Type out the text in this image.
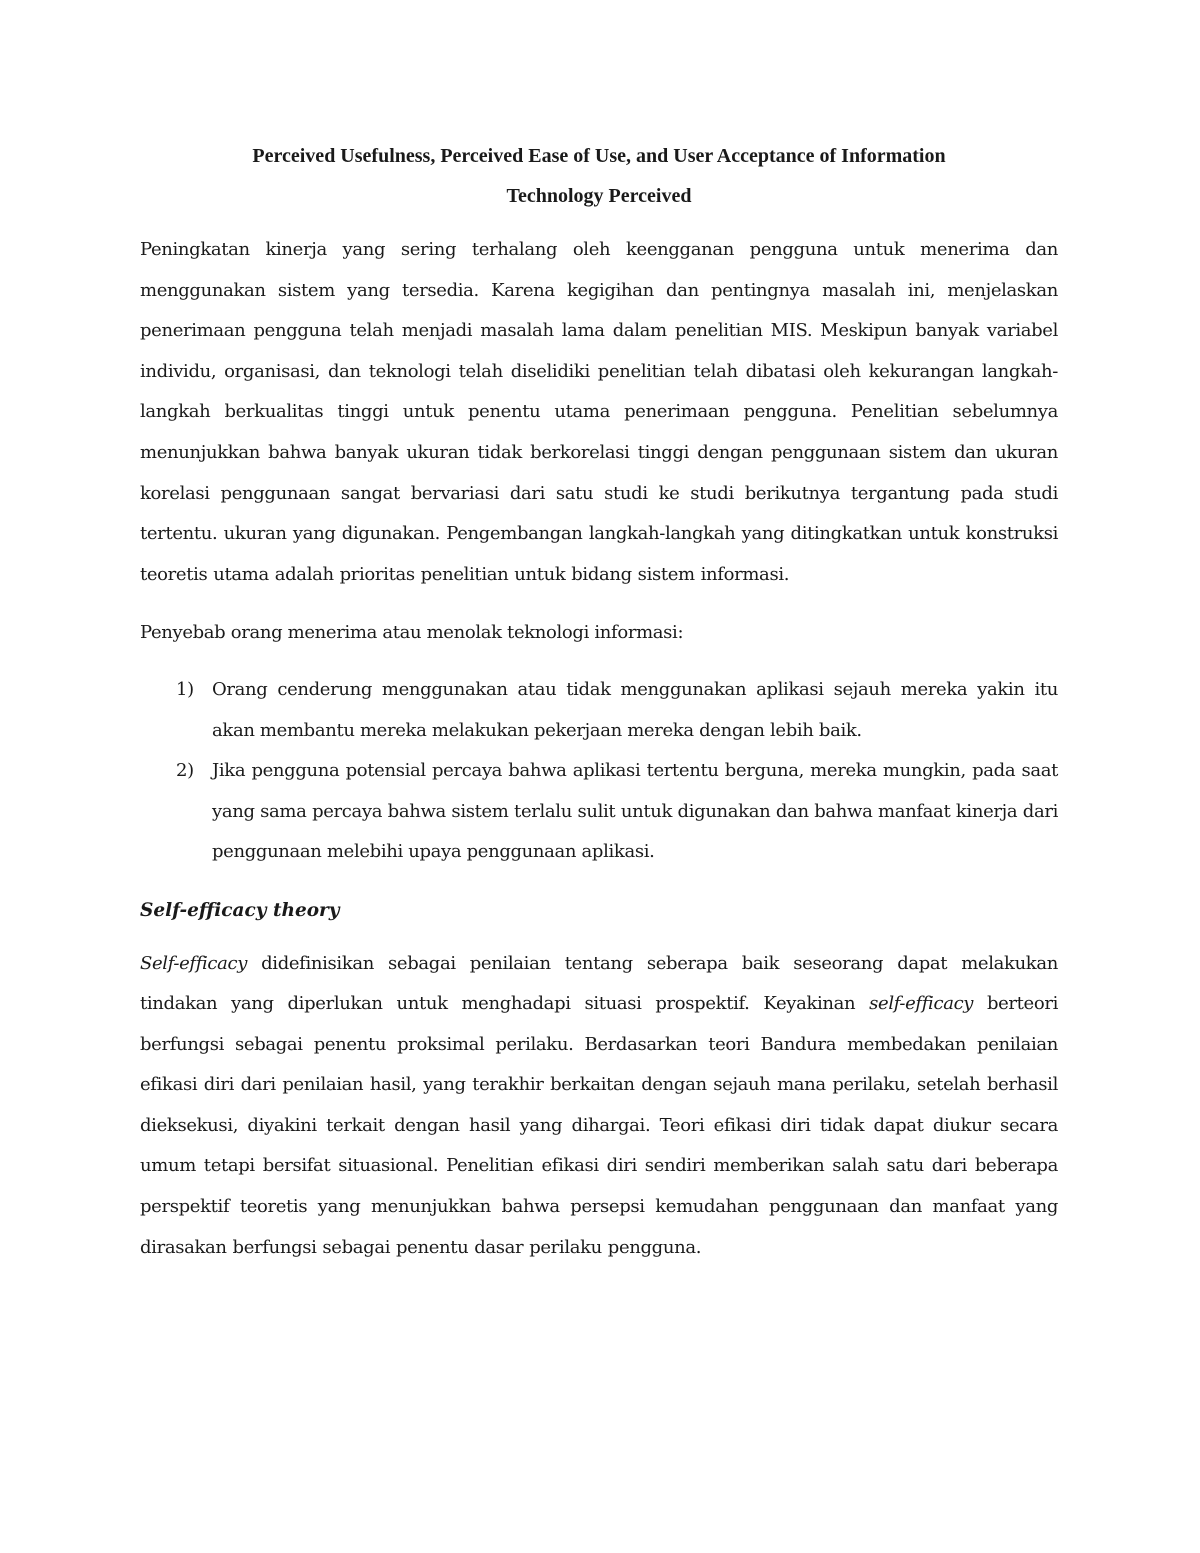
Perceived Usefulness, Perceived Ease of Use, and User Acceptance of Information
Technology Perceived

Peningkatan kinerja yang sering terhalang oleh keengganan pengguna untuk menerima dan menggunakan sistem yang tersedia. Karena kegigihan dan pentingnya masalah ini, menjelaskan penerimaan pengguna telah menjadi masalah lama dalam penelitian MIS. Meskipun banyak variabel individu, organisasi, dan teknologi telah diselidiki penelitian telah dibatasi oleh kekurangan langkah-langkah berkualitas tinggi untuk penentu utama penerimaan pengguna. Penelitian sebelumnya menunjukkan bahwa banyak ukuran tidak berkorelasi tinggi dengan penggunaan sistem dan ukuran korelasi penggunaan sangat bervariasi dari satu studi ke studi berikutnya tergantung pada studi tertentu. ukuran yang digunakan. Pengembangan langkah-langkah yang ditingkatkan untuk konstruksi teoretis utama adalah prioritas penelitian untuk bidang sistem informasi.

Penyebab orang menerima atau menolak teknologi informasi:

1) Orang cenderung menggunakan atau tidak menggunakan aplikasi sejauh mereka yakin itu akan membantu mereka melakukan pekerjaan mereka dengan lebih baik.
2) Jika pengguna potensial percaya bahwa aplikasi tertentu berguna, mereka mungkin, pada saat yang sama percaya bahwa sistem terlalu sulit untuk digunakan dan bahwa manfaat kinerja dari penggunaan melebihi upaya penggunaan aplikasi.
Self-efficacy theory

Self-efficacy didefinisikan sebagai penilaian tentang seberapa baik seseorang dapat melakukan tindakan yang diperlukan untuk menghadapi situasi prospektif. Keyakinan self-efficacy berteori berfungsi sebagai penentu proksimal perilaku. Berdasarkan teori Bandura membedakan penilaian efikasi diri dari penilaian hasil, yang terakhir berkaitan dengan sejauh mana perilaku, setelah berhasil dieksekusi, diyakini terkait dengan hasil yang dihargai. Teori efikasi diri tidak dapat diukur secara umum tetapi bersifat situasional. Penelitian efikasi diri sendiri memberikan salah satu dari beberapa perspektif teoretis yang menunjukkan bahwa persepsi kemudahan penggunaan dan manfaat yang dirasakan berfungsi sebagai penentu dasar perilaku pengguna.
